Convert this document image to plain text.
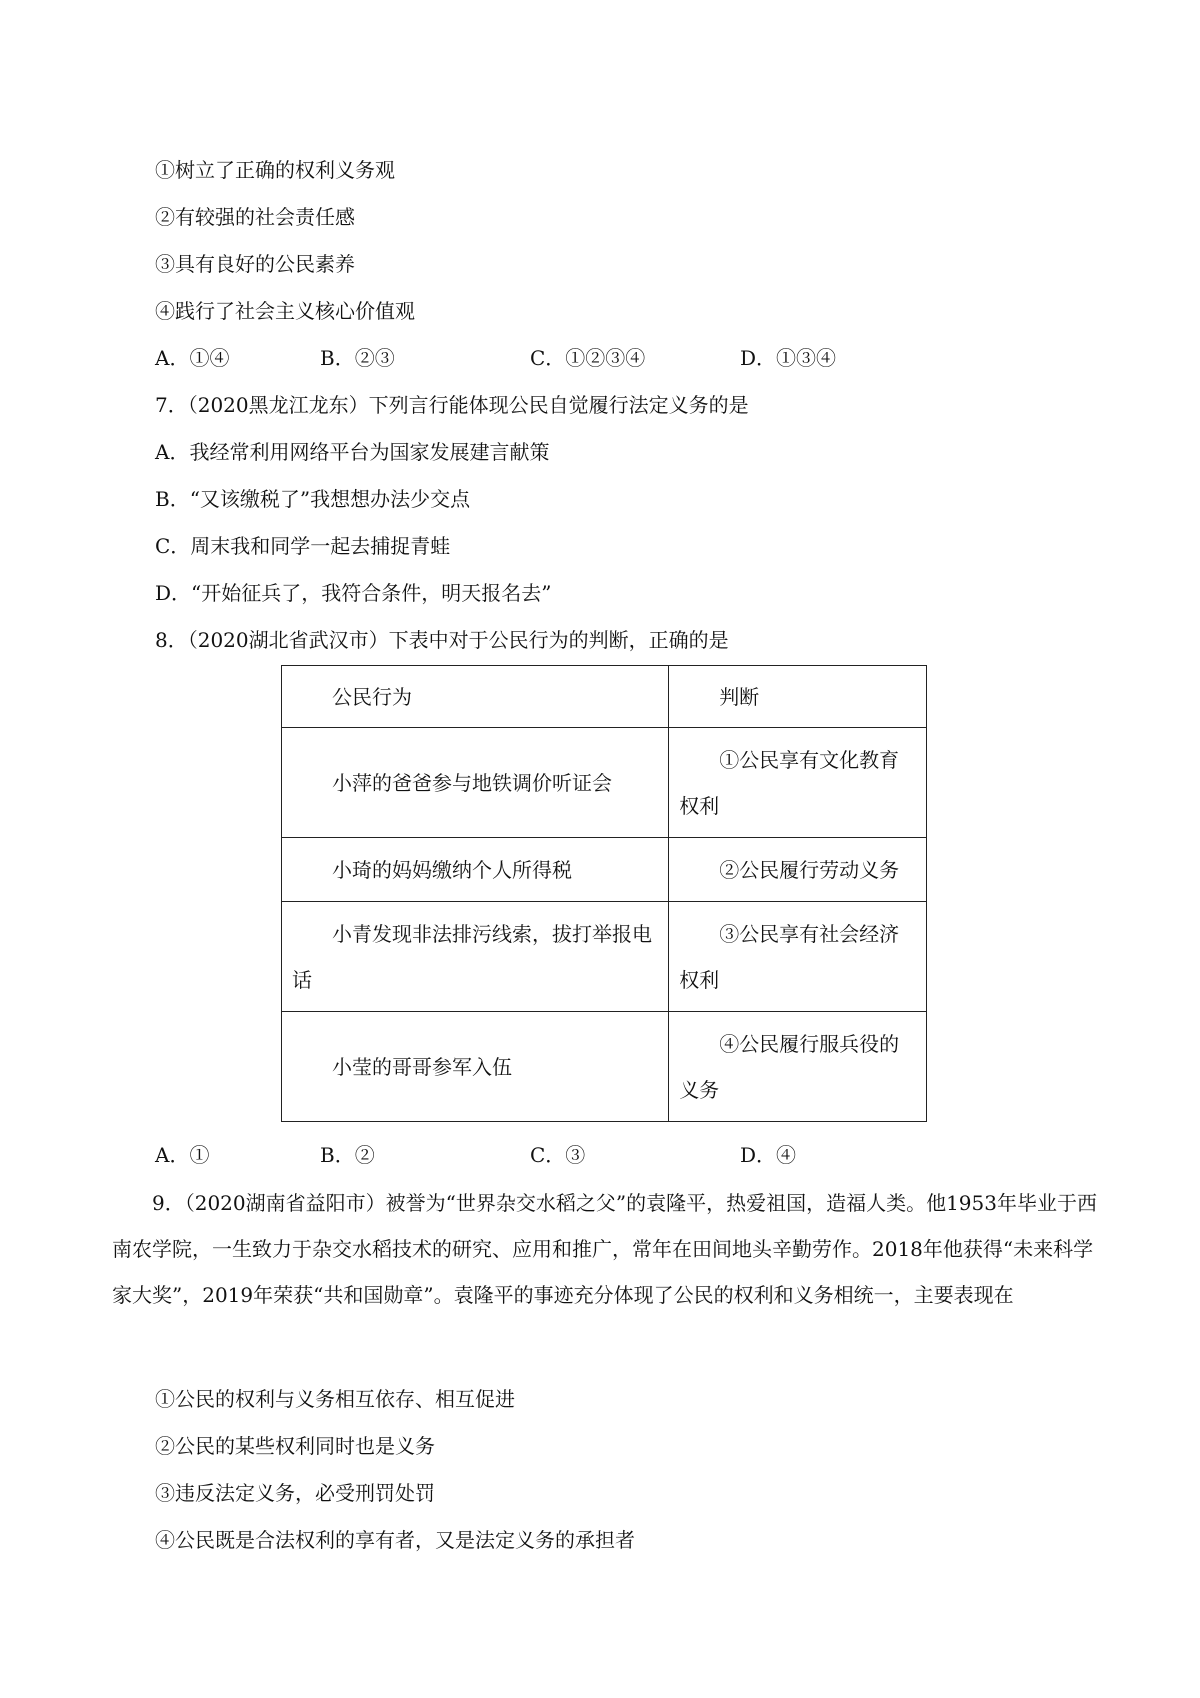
①树立了正确的权利义务观
②有较强的社会责任感
③具有良好的公民素养
④践行了社会主义核心价值观
A．①④	B．②③	C．①②③④	D．①③④
7．（2020黑龙江龙东）下列言行能体现公民自觉履行法定义务的是
A．我经常利用网络平台为国家发展建言献策
B．“又该缴税了”我想想办法少交点
C．周末我和同学一起去捕捉青蛙
D．“开始征兵了，我符合条件，明天报名去”
8．（2020湖北省武汉市）下表中对于公民行为的判断，正确的是
公民行为	判断

小萍的爸爸参与地铁调价听证会	①公民享有文化教育权利

小琦的妈妈缴纳个人所得税	②公民履行劳动义务

小青发现非法排污线索，拔打举报电话	③公民享有社会经济权利

小莹的哥哥参军入伍	④公民履行服兵役的义务
A．①	B．②	C．③	D．④
9．（2020湖南省益阳市）被誉为“世界杂交水稻之父”的袁隆平，热爱祖国，造福人类。他1953年毕业于西南农学院，一生致力于杂交水稻技术的研究、应用和推广，常年在田间地头辛勤劳作。2018年他获得“未来科学家大奖”，2019年荣获“共和国勋章”。袁隆平的事迹充分体现了公民的权利和义务相统一，主要表现在
①公民的权利与义务相互依存、相互促进
②公民的某些权利同时也是义务
③违反法定义务，必受刑罚处罚
④公民既是合法权利的享有者，又是法定义务的承担者
